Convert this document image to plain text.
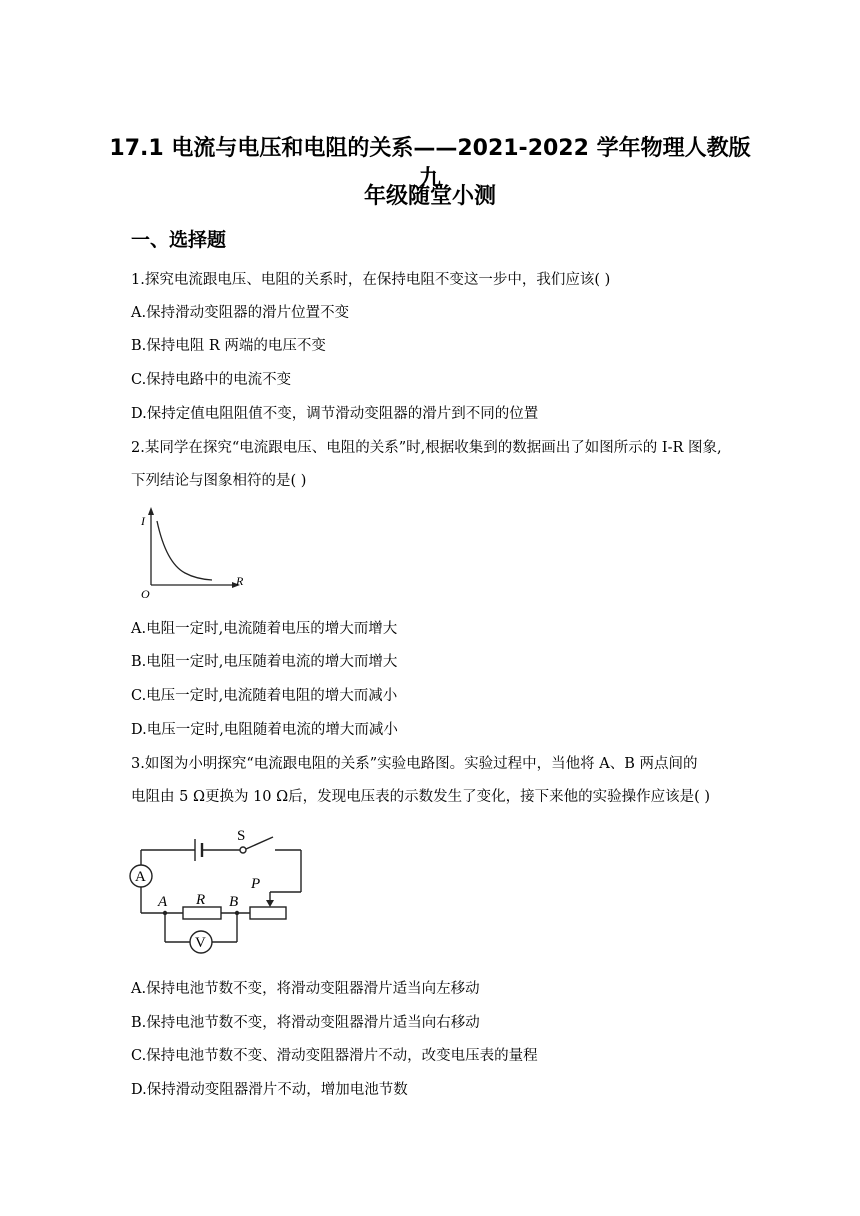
17.1 电流与电压和电阻的关系——2021-2022 学年物理人教版九
年级随堂小测
一、选择题

1.探究电流跟电压、电阻的关系时，在保持电阻不变这一步中，我们应该( )

A.保持滑动变阻器的滑片位置不变

B.保持电阻 R 两端的电压不变

C.保持电路中的电流不变

D.保持定值电阻阻值不变，调节滑动变阻器的滑片到不同的位置

2.某同学在探究“电流跟电压、电阻的关系”时,根据收集到的数据画出了如图所示的 I-R 图象,

下列结论与图象相符的是( )

I
R
O

A.电阻一定时,电流随着电压的增大而增大

B.电阻一定时,电压随着电流的增大而增大

C.电压一定时,电流随着电阻的增大而减小

D.电压一定时,电阻随着电流的增大而减小

3.如图为小明探究“电流跟电阻的关系”实验电路图。实验过程中，当他将 A、B 两点间的

电阻由 5 Ω更换为 10 Ω后，发现电压表的示数发生了变化，接下来他的实验操作应该是( )

S
A
V
A	B
R
P

A.保持电池节数不变，将滑动变阻器滑片适当向左移动

B.保持电池节数不变，将滑动变阻器滑片适当向右移动

C.保持电池节数不变、滑动变阻器滑片不动，改变电压表的量程

D.保持滑动变阻器滑片不动，增加电池节数
